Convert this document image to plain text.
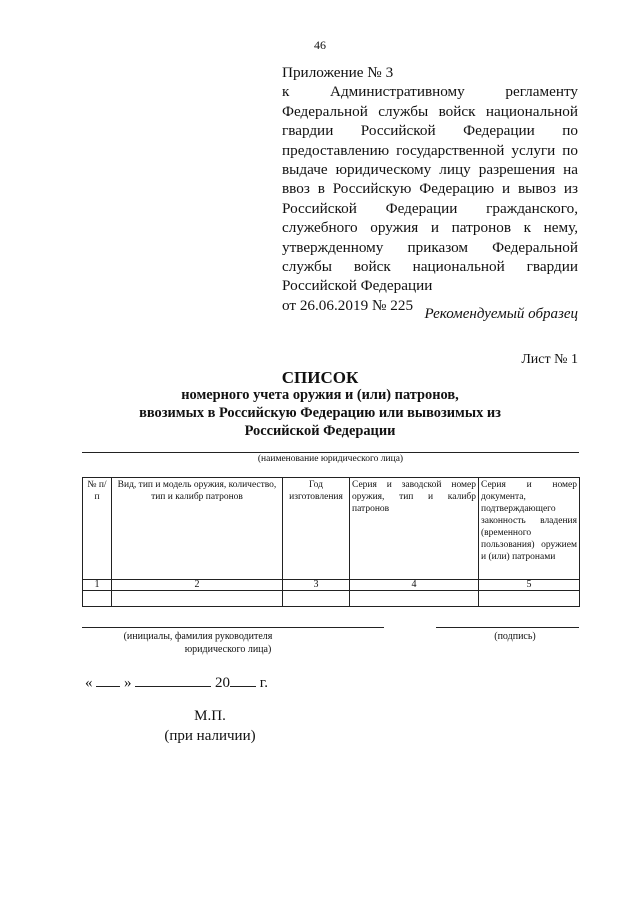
46
Приложение № 3
к Административному регламенту
Федеральной службы войск национальной
гвардии Российской Федерации по
предоставлению государственной услуги по
выдаче юридическому лицу разрешения на
ввоз в Российскую Федерацию и вывоз из
Российской Федерации гражданского,
служебного оружия и патронов к нему,
утвержденному приказом Федеральной
службы войск национальной гвардии
Российской Федерации
от 26.06.2019 № 225
Рекомендуемый образец
Лист № 1
СПИСОК
номерного учета оружия и (или) патронов,
ввозимых в Российскую Федерацию или вывозимых из
Российской Федерации
(наименование юридического лица)
№ п/п	Вид, тип и модель оружия, количество, тип и калибр патронов	Год изготовления	Серия и заводской номер оружия, тип и калибр патронов	Серия и номер документа, подтверждающего законность владения (временного пользования) оружием и (или) патронами
1	2	3	4	5

(инициалы, фамилия руководителя
юридического лица)
(подпись)
« »	20 г.
М.П.
(при наличии)
